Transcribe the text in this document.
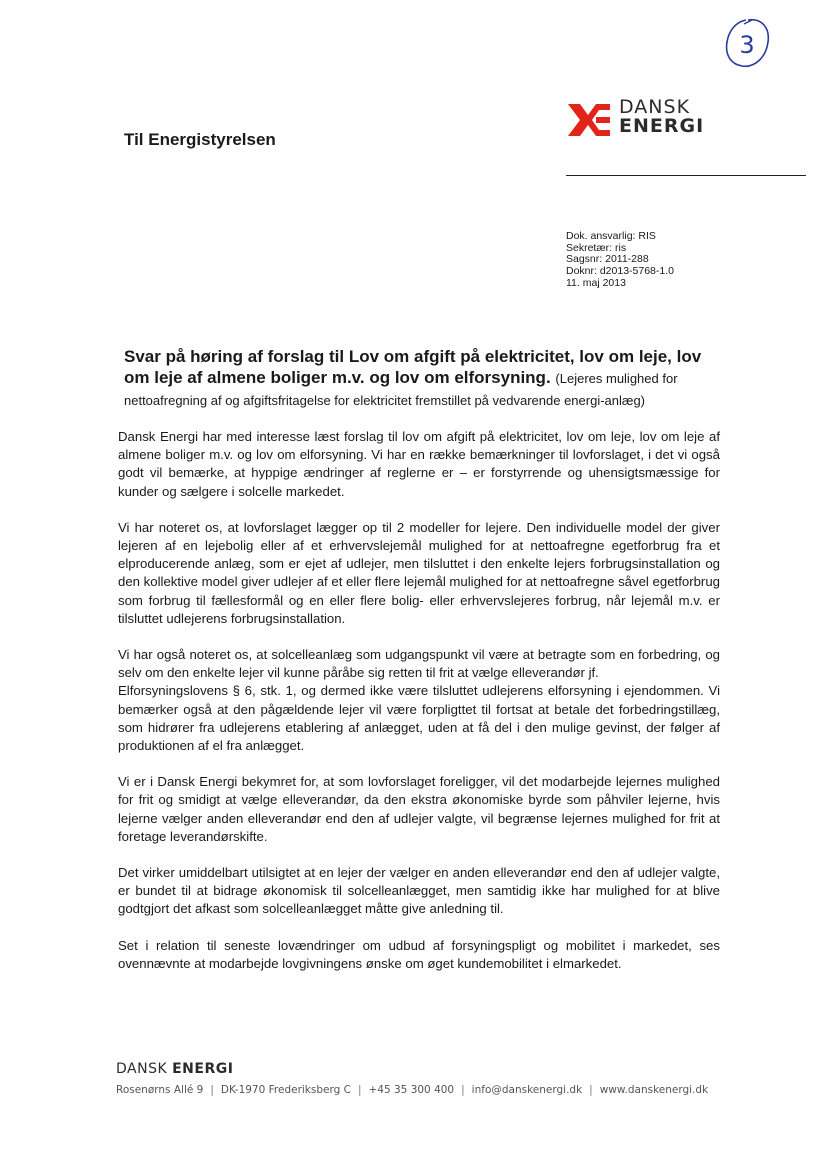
3
Til Energistyrelsen
DANSK
ENERGI
Dok. ansvarlig: RIS
Sekretær: ris
Sagsnr: 2011-288
Doknr: d2013-5768-1.0
11. maj 2013
Svar på høring af forslag til Lov om afgift på elektricitet, lov om leje, lov om leje af almene boliger m.v. og lov om elforsyning. (Lejeres mulighed for nettoafregning af og afgiftsfritagelse for elektricitet fremstillet på vedvarende energi-anlæg)

Dansk Energi har med interesse læst forslag til lov om afgift på elektricitet, lov om leje, lov om leje af almene boliger m.v. og lov om elforsyning. Vi har en række bemærkninger til lovforslaget, i det vi også godt vil bemærke, at hyppige ændringer af reglerne er – er forstyrrende og uhensigtsmæssige for kunder og sælgere i solcelle markedet.

Vi har noteret os, at lovforslaget lægger op til 2 modeller for lejere. Den individuelle model der giver lejeren af en lejebolig eller af et erhvervslejemål mulighed for at nettoafregne egetforbrug fra et elproducerende anlæg, som er ejet af udlejer, men tilsluttet i den enkelte lejers forbrugsinstallation og den kollektive model giver udlejer af et eller flere lejemål mulighed for at nettoafregne såvel egetforbrug som forbrug til fællesformål og en eller flere bolig- eller erhvervslejeres forbrug, når lejemål m.v. er tilsluttet udlejerens forbrugsinstallation.

Vi har også noteret os, at solcelleanlæg som udgangspunkt vil være at betragte som en forbedring, og selv om den enkelte lejer vil kunne påråbe sig retten til frit at vælge elleverandør jf.

Elforsyningslovens § 6, stk. 1, og dermed ikke være tilsluttet udlejerens elforsyning i ejendommen. Vi bemærker også at den pågældende lejer vil være forpligttet til fortsat at betale det forbedringstillæg, som hidrører fra udlejerens etablering af anlægget, uden at få del i den mulige gevinst, der følger af produktionen af el fra anlægget.

Vi er i Dansk Energi bekymret for, at som lovforslaget foreligger, vil det modarbejde lejernes mulighed for frit og smidigt at vælge elleverandør, da den ekstra økonomiske byrde som påhviler lejerne, hvis lejerne vælger anden elleverandør end den af udlejer valgte, vil begrænse lejernes mulighed for frit at foretage leverandørskifte.

Det virker umiddelbart utilsigtet at en lejer der vælger en anden elleverandør end den af udlejer valgte, er bundet til at bidrage økonomisk til solcelleanlægget, men samtidig ikke har mulighed for at blive godtgjort det afkast som solcelleanlægget måtte give anledning til.

Set i relation til seneste lovændringer om udbud af forsyningspligt og mobilitet i markedet, ses ovennævnte at modarbejde lovgivningens ønske om øget kundemobilitet i elmarkedet.

DANSK ENERGI
Rosenørns Allé 9 | DK-1970 Frederiksberg C | +45 35 300 400 | info@danskenergi.dk | www.danskenergi.dk
